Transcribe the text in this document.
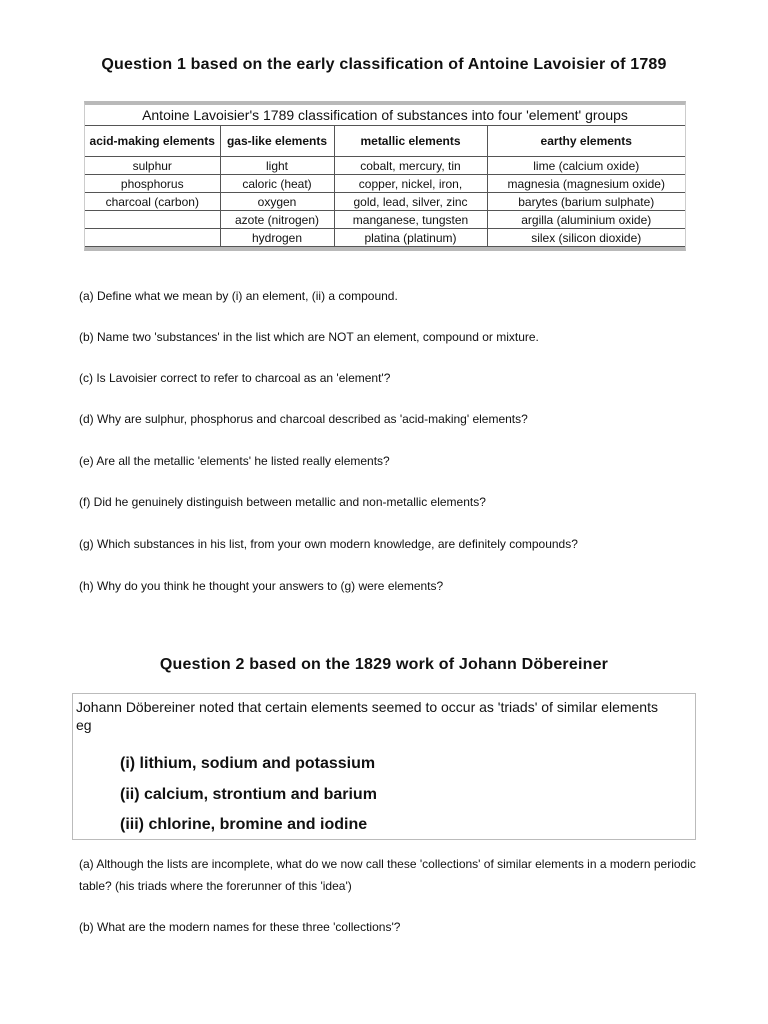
Question 1 based on the early classification of Antoine Lavoisier of 1789
Antoine Lavoisier's 1789 classification of substances into four 'element' groups			
acid-making elements	gas-like elements	metallic elements	earthy elements
sulphur	light	cobalt, mercury, tin	lime (calcium oxide)
phosphorus	caloric (heat)	copper, nickel, iron,	magnesia (magnesium oxide)
charcoal (carbon)	oxygen	gold, lead, silver, zinc	barytes (barium sulphate)
	azote (nitrogen)	manganese, tungsten	argilla (aluminium oxide)
	hydrogen	platina (platinum)	silex (silicon dioxide)
(a) Define what we mean by (i) an element, (ii) a compound.
(b) Name two 'substances' in the list which are NOT an element, compound or mixture.
(c) Is Lavoisier correct to refer to charcoal as an 'element'?
(d) Why are sulphur, phosphorus and charcoal described as 'acid-making' elements?
(e) Are all the metallic 'elements' he listed really elements?
(f) Did he genuinely distinguish between metallic and non-metallic elements?
(g) Which substances in his list, from your own modern knowledge, are definitely compounds?
(h) Why do you think he thought your answers to (g) were elements?
Question 2 based on the 1829 work of Johann Döbereiner
Johann Döbereiner noted that certain elements seemed to occur as 'triads' of similar elements eg
(i) lithium, sodium and potassium
(ii) calcium, strontium and barium
(iii) chlorine, bromine and iodine
(a) Although the lists are incomplete, what do we now call these 'collections' of similar elements in a modern periodic table? (his triads where the forerunner of this 'idea')
(b) What are the modern names for these three 'collections'?
